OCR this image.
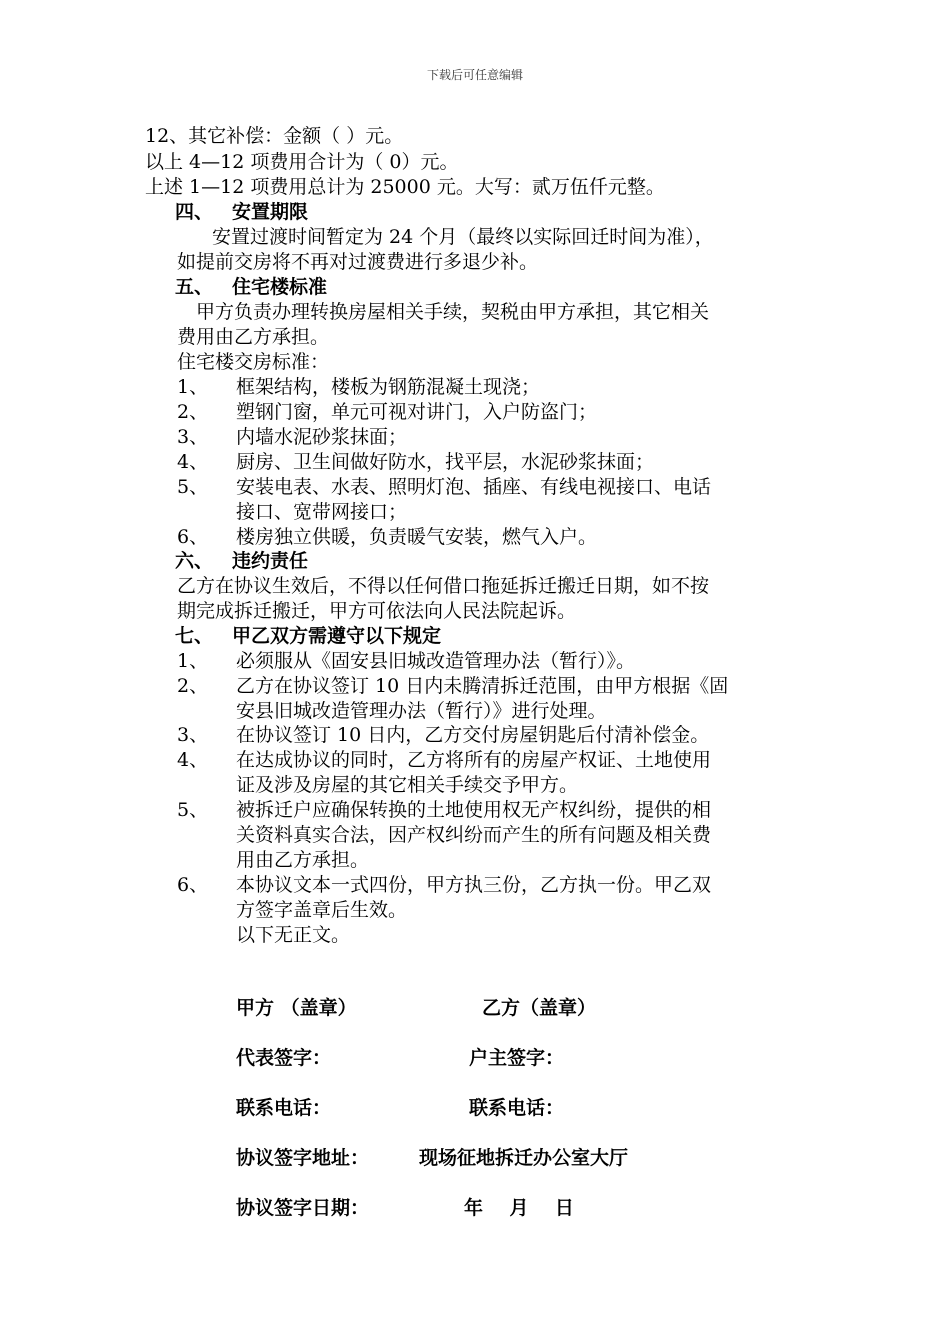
下载后可任意编辑
12、其它补偿：金额（ ）元。
以上 4—12 项费用合计为（ 0）元。
上述 1—12 项费用总计为 25000 元。大写：贰万伍仟元整。
四、 安置期限
安置过渡时间暂定为 24 个月（最终以实际回迁时间为准），
如提前交房将不再对过渡费进行多退少补。
五、 住宅楼标准
甲方负责办理转换房屋相关手续，契税由甲方承担，其它相关
费用由乙方承担。
住宅楼交房标准：
1、 框架结构，楼板为钢筋混凝土现浇；
2、 塑钢门窗，单元可视对讲门，入户防盗门；
3、 内墙水泥砂浆抹面；
4、 厨房、卫生间做好防水，找平层，水泥砂浆抹面；
5、 安装电表、水表、照明灯泡、插座、有线电视接口、电话
接口、宽带网接口；
6、 楼房独立供暖，负责暖气安装，燃气入户。
六、 违约责任
乙方在协议生效后，不得以任何借口拖延拆迁搬迁日期，如不按
期完成拆迁搬迁，甲方可依法向人民法院起诉。
七、 甲乙双方需遵守以下规定
1、 必须服从《固安县旧城改造管理办法（暂行）》。
2、 乙方在协议签订 10 日内未腾清拆迁范围，由甲方根据《固
安县旧城改造管理办法（暂行）》进行处理。
3、 在协议签订 10 日内，乙方交付房屋钥匙后付清补偿金。
4、 在达成协议的同时，乙方将所有的房屋产权证、土地使用
证及涉及房屋的其它相关手续交予甲方。
5、 被拆迁户应确保转换的土地使用权无产权纠纷，提供的相
关资料真实合法，因产权纠纷而产生的所有问题及相关费
用由乙方承担。
6、 本协议文本一式四份，甲方执三份，乙方执一份。甲乙双
方签字盖章后生效。
以下无正文。
甲方 （盖章）	乙方（盖章）
代表签字：	户主签字：
联系电话：	联系电话：
协议签字地址：	现场征地拆迁办公室大厅
协议签字日期：	年    月    日
